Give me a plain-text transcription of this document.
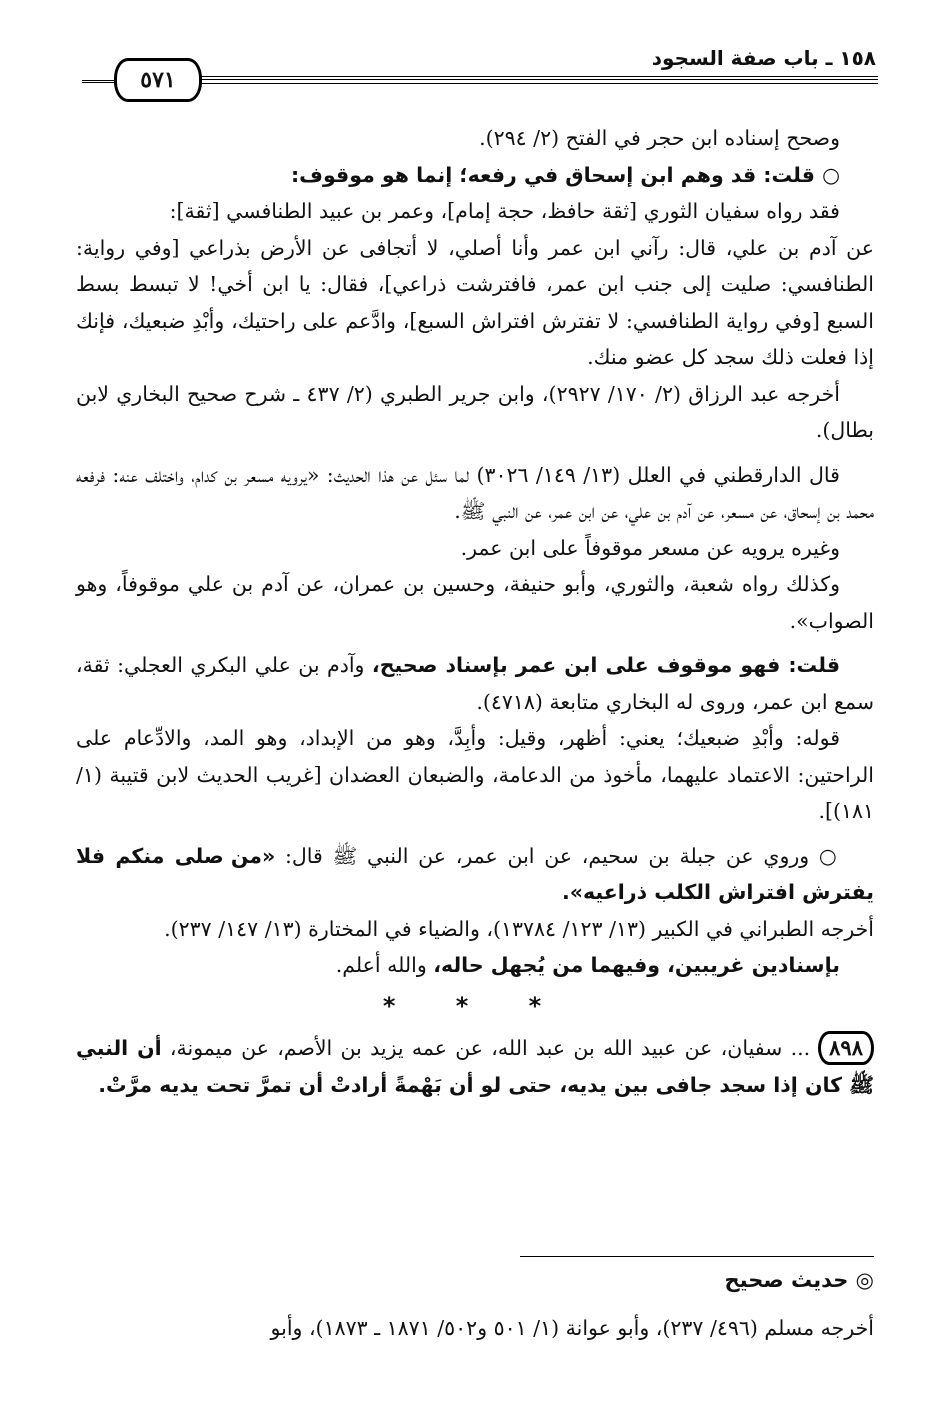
١٥٨ ـ باب صفة السجود
٥٧١

وصحح إسناده ابن حجر في الفتح (٢/ ٢٩٤).

○ قلت: قد وهم ابن إسحاق في رفعه؛ إنما هو موقوف:

فقد رواه سفيان الثوري [ثقة حافظ، حجة إمام]، وعمر بن عبيد الطنافسي [ثقة]:

عن آدم بن علي، قال: رآني ابن عمر وأنا أصلي، لا أتجافى عن الأرض بذراعي [وفي رواية: الطنافسي: صليت إلى جنب ابن عمر، فافترشت ذراعي]، فقال: يا ابن أخي! لا تبسط بسط السبع [وفي رواية الطنافسي: لا تفترش افتراش السبع]، وادَّعم على راحتيك، وأبْدِ ضبعيك، فإنك إذا فعلت ذلك سجد كل عضو منك.

أخرجه عبد الرزاق (٢/ ١٧٠/ ٢٩٢٧)، وابن جرير الطبري (٢/ ٤٣٧ ـ شرح صحيح البخاري لابن بطال).

قال الدارقطني في العلل (١٣/ ١٤٩/ ٣٠٢٦) لما سئل عن هذا الحديث: «يرويه مسعر بن كدام، واختلف عنه: فرفعه محمد بن إسحاق، عن مسعر، عن آدم بن علي، عن ابن عمر، عن النبي ﷺ.

وغيره يرويه عن مسعر موقوفاً على ابن عمر.

وكذلك رواه شعبة، والثوري، وأبو حنيفة، وحسين بن عمران، عن آدم بن علي موقوفاً، وهو الصواب».

قلت: فهو موقوف على ابن عمر بإسناد صحيح، وآدم بن علي البكري العجلي: ثقة، سمع ابن عمر، وروى له البخاري متابعة (٤٧١٨).

قوله: وأبْدِ ضبعيك؛ يعني: أظهر، وقيل: وأبِدَّ، وهو من الإبداد، وهو المد، والادِّعام على الراحتين: الاعتماد عليهما، مأخوذ من الدعامة، والضبعان العضدان [غريب الحديث لابن قتيبة (١/ ١٨١)].

○ وروي عن جبلة بن سحيم، عن ابن عمر، عن النبي ﷺ قال: «من صلى منكم فلا يفترش افتراش الكلب ذراعيه».

أخرجه الطبراني في الكبير (١٣/ ١٢٣/ ١٣٧٨٤)، والضياء في المختارة (١٣/ ١٤٧/ ٢٣٧).

بإسنادين غريبين، وفيهما من يُجهل حاله، والله أعلم.

* * *

٨٩٨... سفيان، عن عبيد الله بن عبد الله، عن عمه يزيد بن الأصم، عن ميمونة، أن النبي ﷺ كان إذا سجد جافى بين يديه، حتى لو أن بَهْمةً أرادتْ أن تمرَّ تحت يديه مرَّتْ.

◎ حديث صحيح
أخرجه مسلم (٤٩٦/ ٢٣٧)، وأبو عوانة (١/ ٥٠١ و٥٠٢/ ١٨٧١ ـ ١٨٧٣)، وأبو
